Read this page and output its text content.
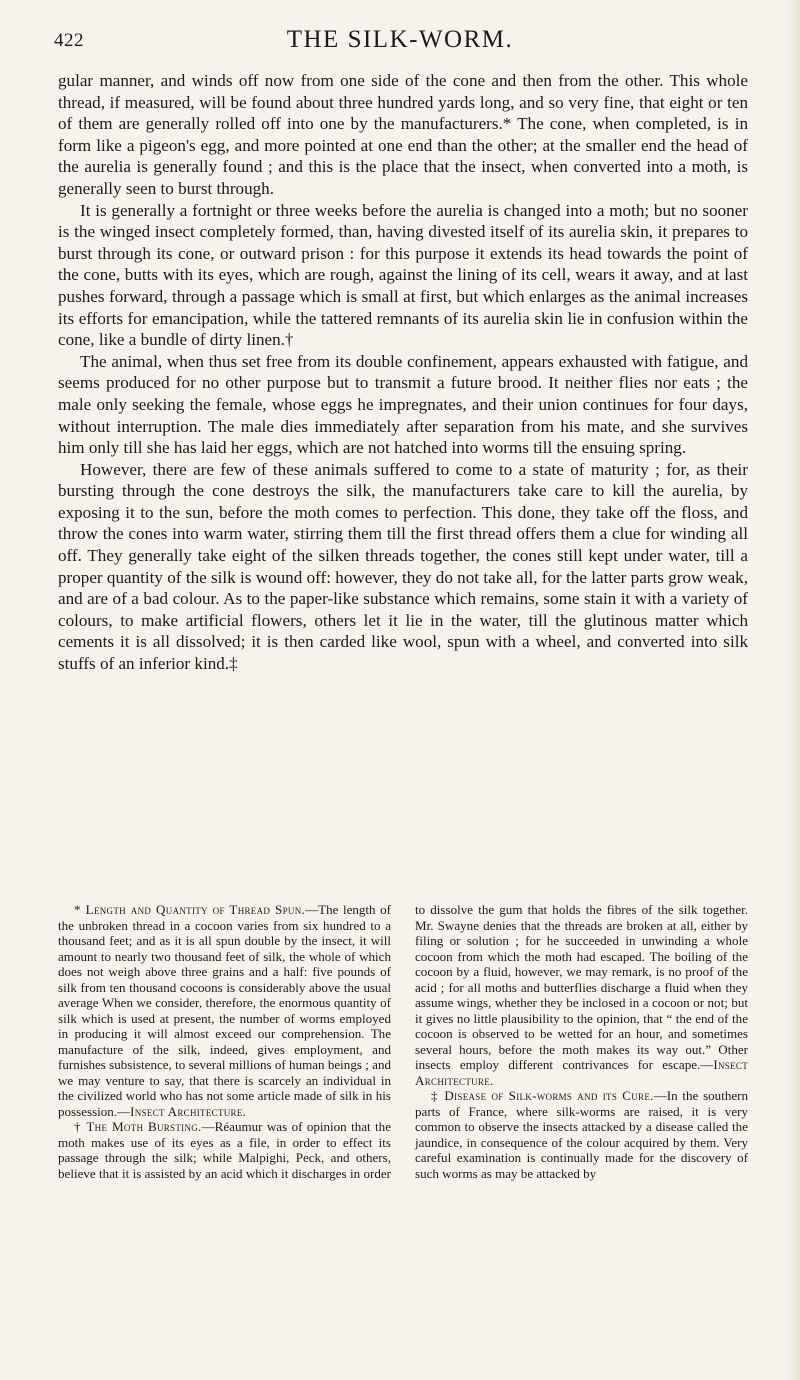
422	THE SILK-WORM.

gular manner, and winds off now from one side of the cone and then from the other. This whole thread, if measured, will be found about three hundred yards long, and so very fine, that eight or ten of them are generally rolled off into one by the manufacturers.* The cone, when completed, is in form like a pigeon's egg, and more pointed at one end than the other; at the smaller end the head of the aurelia is generally found ; and this is the place that the insect, when converted into a moth, is generally seen to burst through.

It is generally a fortnight or three weeks before the aurelia is changed into a moth; but no sooner is the winged insect completely formed, than, having divested itself of its aurelia skin, it prepares to burst through its cone, or outward prison : for this purpose it extends its head towards the point of the cone, butts with its eyes, which are rough, against the lining of its cell, wears it away, and at last pushes forward, through a passage which is small at first, but which enlarges as the animal increases its efforts for emancipation, while the tattered remnants of its aurelia skin lie in confusion within the cone, like a bundle of dirty linen.†

The animal, when thus set free from its double confinement, appears exhausted with fatigue, and seems produced for no other purpose but to transmit a future brood. It neither flies nor eats ; the male only seeking the female, whose eggs he impregnates, and their union continues for four days, without interruption. The male dies immediately after separation from his mate, and she survives him only till she has laid her eggs, which are not hatched into worms till the ensuing spring.

However, there are few of these animals suffered to come to a state of maturity ; for, as their bursting through the cone destroys the silk, the manufacturers take care to kill the aurelia, by exposing it to the sun, before the moth comes to perfection. This done, they take off the floss, and throw the cones into warm water, stirring them till the first thread offers them a clue for winding all off. They generally take eight of the silken threads together, the cones still kept under water, till a proper quantity of the silk is wound off: however, they do not take all, for the latter parts grow weak, and are of a bad colour. As to the paper-like substance which remains, some stain it with a variety of colours, to make artificial flowers, others let it lie in the water, till the glutinous matter which cements it is all dissolved; it is then carded like wool, spun with a wheel, and converted into silk stuffs of an inferior kind.‡

* Length and Quantity of Thread Spun.—The length of the unbroken thread in a cocoon varies from six hundred to a thousand feet; and as it is all spun double by the insect, it will amount to nearly two thousand feet of silk, the whole of which does not weigh above three grains and a half: five pounds of silk from ten thousand cocoons is considerably above the usual average When we consider, therefore, the enormous quantity of silk which is used at present, the number of worms employed in producing it will almost exceed our comprehension. The manufacture of the silk, indeed, gives employment, and furnishes subsistence, to several millions of human beings ; and we may venture to say, that there is scarcely an individual in the civilized world who has not some article made of silk in his possession.—Insect Architecture.

† The Moth Bursting.—Réaumur was of opinion that the moth makes use of its eyes as a file, in order to effect its passage through the silk; while Malpighi, Peck, and others, believe that it is assisted by an acid which it discharges in order to dissolve the gum that holds the fibres of the silk together. Mr. Swayne denies that the threads are broken at all, either by filing or solution ; for he succeeded in unwinding a whole cocoon from which the moth had escaped. The boiling of the cocoon by a fluid, however, we may remark, is no proof of the acid ; for all moths and butterflies discharge a fluid when they assume wings, whether they be inclosed in a cocoon or not; but it gives no little plausibility to the opinion, that “ the end of the cocoon is observed to be wetted for an hour, and sometimes several hours, before the moth makes its way out.” Other insects employ different contrivances for escape.—Insect Architecture.

‡ Disease of Silk-worms and its Cure.—In the southern parts of France, where silk-worms are raised, it is very common to observe the insects attacked by a disease called the jaundice, in consequence of the colour acquired by them. Very careful examination is continually made for the discovery of such worms as may be attacked by
